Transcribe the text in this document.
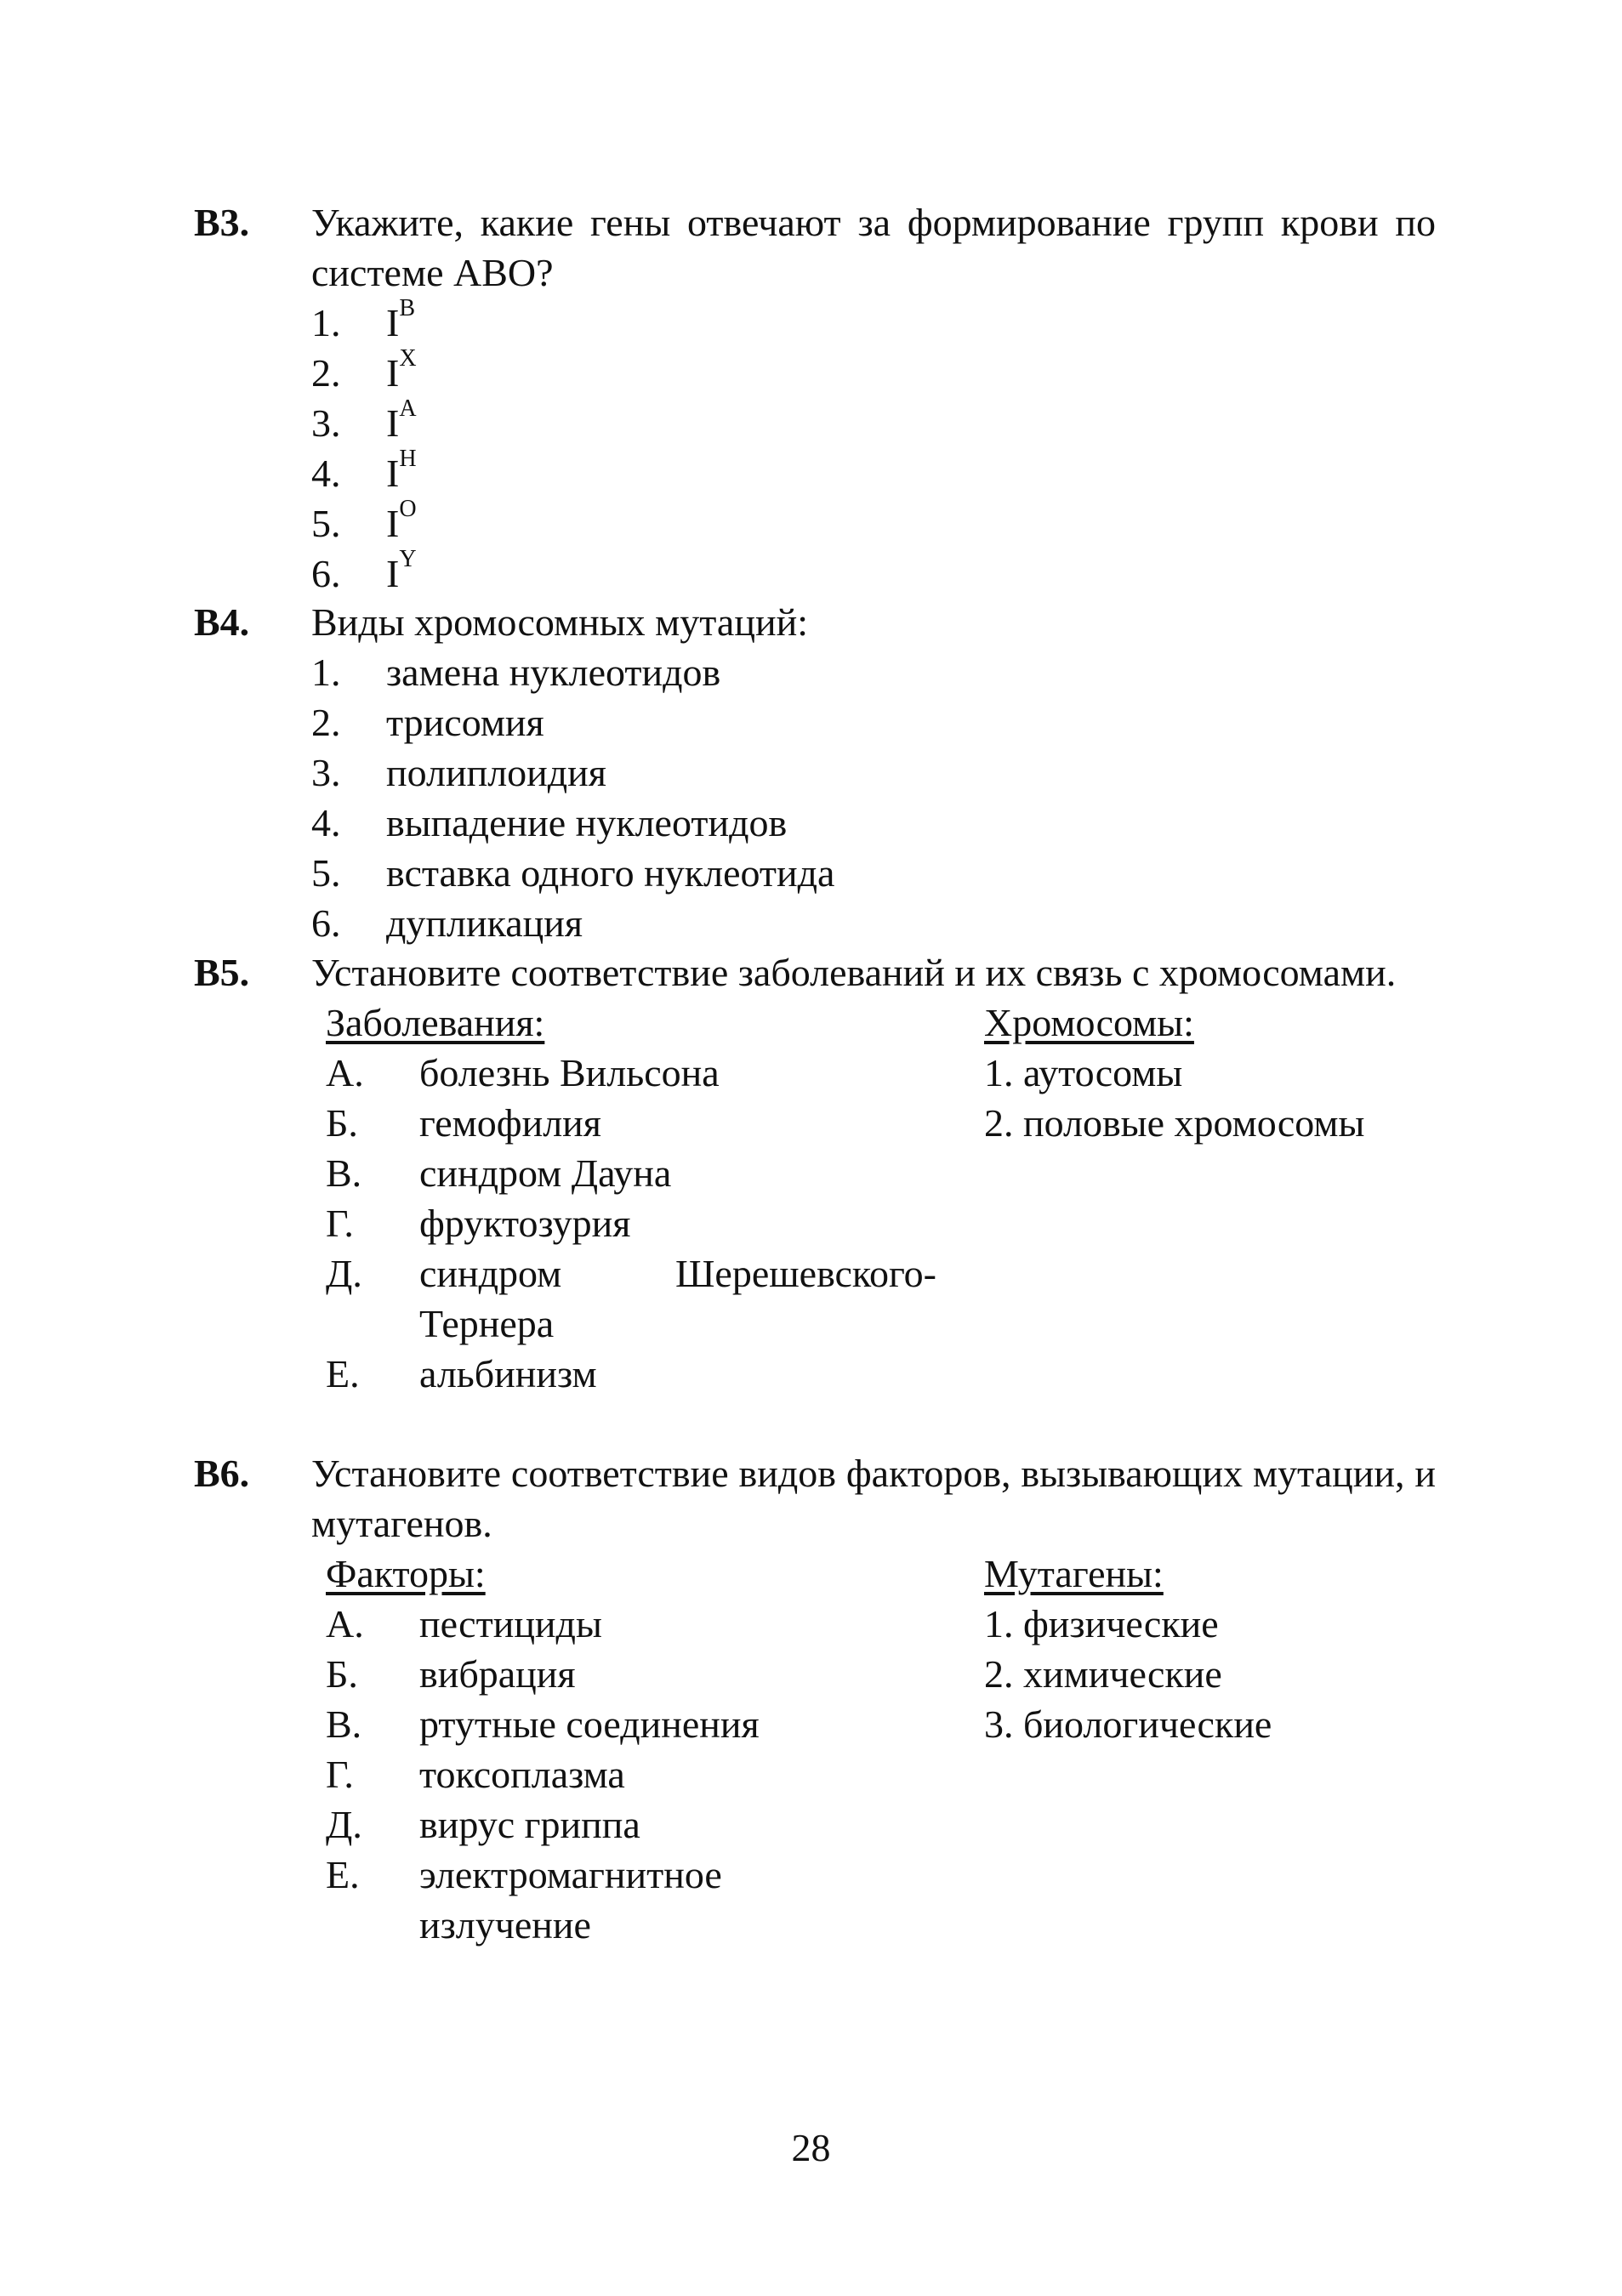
B3.	Укажите, какие гены отвечают за формирование групп крови по системе АВО?
1.	$I^B$
2.	$I^X$
3.	$I^A$
4.	$I^H$
5.	$I^O$
6.	$I^Y$
B4.	Виды хромосомных мутаций:
1.	замена нуклеотидов
2.	трисомия
3.	полиплоидия
4.	выпадение нуклеотидов
5.	вставка одного нуклеотида
6.	дупликация
B5.	Установите соответствие заболеваний и их связь с хромосомами.
Заболевания:
А.	болезнь Вильсона
Б.	гемофилия
В.	синдром Дауна
Г.	фруктозурия
Д.	синдром Шерешевского-Тернера
Е.	альбинизм
Хромосомы:
1. аутосомы
2. половые хромосомы
B6.	Установите соответствие видов факторов, вызывающих мутации, и мутагенов.
Факторы:
А.	пестициды
Б.	вибрация
В.	ртутные соединения
Г.	токсоплазма
Д.	вирус гриппа
Е.	электромагнитное излучение
Мутагены:
1. физические
2. химические
3. биологические
28
